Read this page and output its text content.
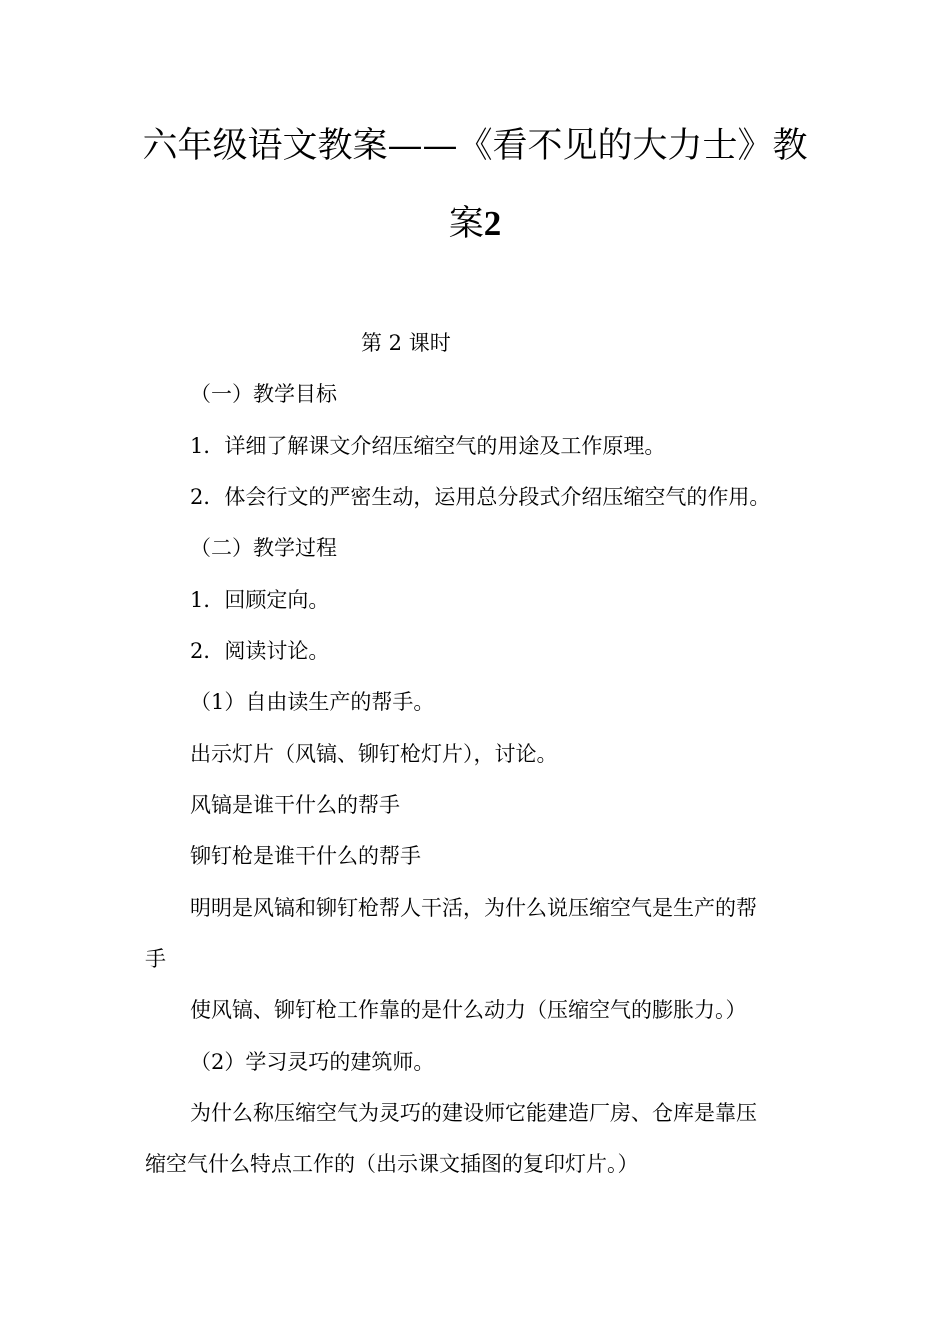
六年级语文教案——《看不见的大力士》教
案2
第 2 课时
（一）教学目标
1．详细了解课文介绍压缩空气的用途及工作原理。
2．体会行文的严密生动，运用总分段式介绍压缩空气的作用。
（二）教学过程
1．回顾定向。
2．阅读讨论。
（1）自由读生产的帮手。
出示灯片（风镐、铆钉枪灯片），讨论。
风镐是谁干什么的帮手
铆钉枪是谁干什么的帮手
明明是风镐和铆钉枪帮人干活，为什么说压缩空气是生产的帮
手
使风镐、铆钉枪工作靠的是什么动力（压缩空气的膨胀力。）
（2）学习灵巧的建筑师。
为什么称压缩空气为灵巧的建设师它能建造厂房、仓库是靠压
缩空气什么特点工作的（出示课文插图的复印灯片。）
